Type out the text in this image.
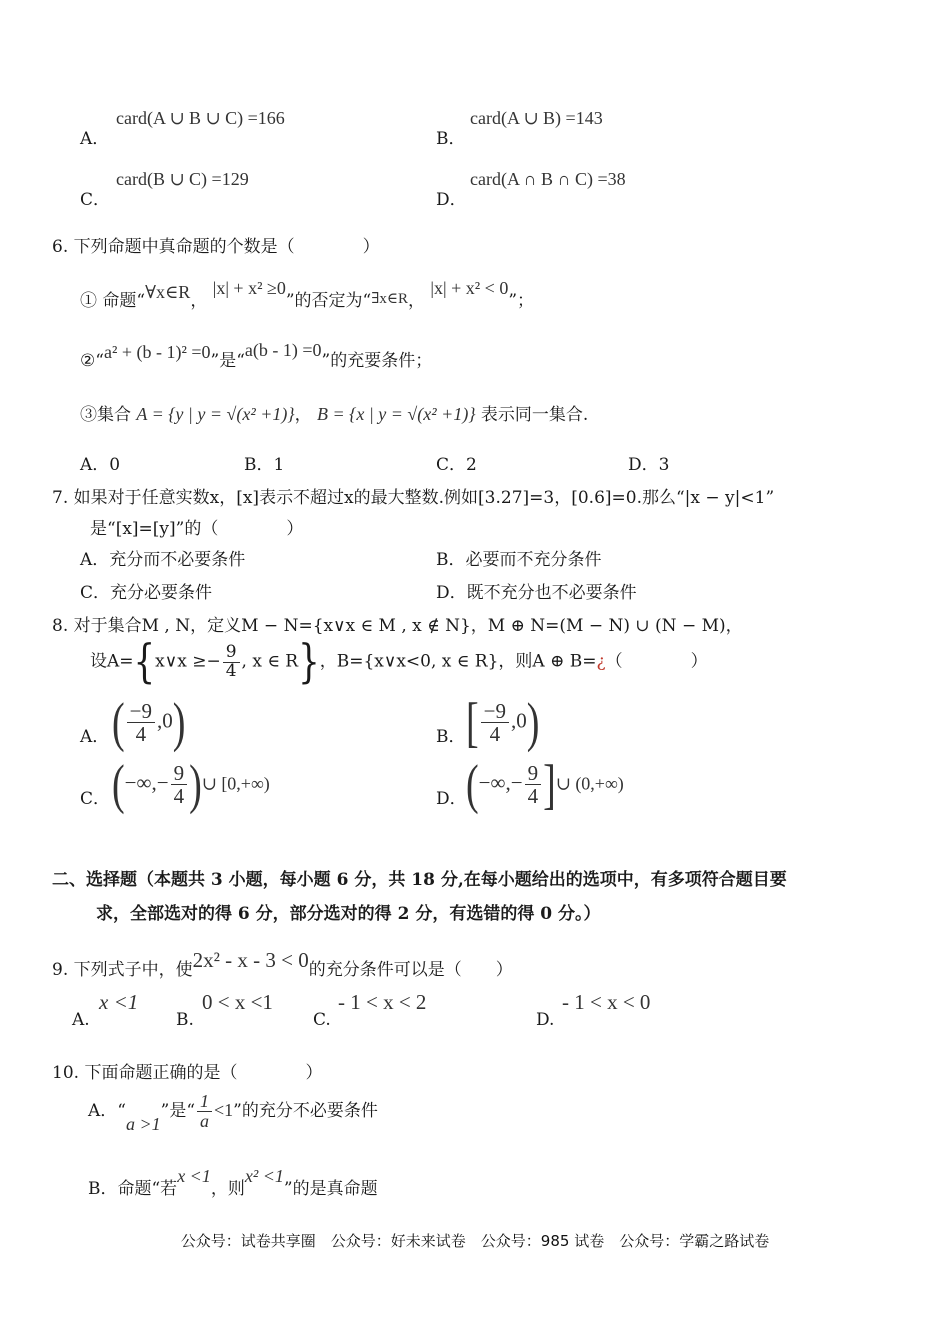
A．
card(A ∪ B ∪ C) =166
B．
card(A ∪ B) =143
C．
card(B ∪ C) =129
D．
card(A ∩ B ∩ C) =38
6. 下列命题中真命题的个数是（　　　　）
① 命题“∀x∈R， |x| + x² ≥0”的否定为“∃x∈R， |x| + x² < 0”；
②“a² + (b - 1)² =0”是“a(b - 1) =0”的充要条件；
③集合 A = {y | y = √(x² +1)}， B = {x | y = √(x² +1)} 表示同一集合.
A．0	B．1	C．2	D．3
7. 如果对于任意实数x，[x]表示不超过x的最大整数.例如[3.27]=3，[0.6]=0.那么“|x − y|<1”
是“[x]=[y]”的（　　　　）
A．充分而不必要条件	B．必要而不充分条件
C．充分必要条件	D．既不充分也不必要条件
8. 对于集合M , N，定义M − N={x∨x ∈ M , x ∉ N}，M ⊕ N=(M − N) ∪ (N − M)，
设A={x∨x ≥− $\frac{9}{4}$ , x ∈ R}，B={x∨x<0, x ∈ R}，则A ⊕ B=¿（　　　　）
A． ( $\frac{-9}{4} ,0$)	B． [ $\frac{-9}{4} ,0$)
C． (−∞,− $\frac{9}{4}$ )∪ [0,+∞)
D． (−∞,− $\frac{9}{4}$ ]∪ (0,+∞)
二、选择题（本题共 3 小题，每小题 6 分，共 18 分,在每小题给出的选项中，有多项符合题目要
求，全部选对的得 6 分，部分选对的得 2 分，有选错的得 0 分。）
9. 下列式子中，使2x² - x - 3 < 0的充分条件可以是（　　）
A.
x <1
B.
0 < x <1
C.
- 1 < x < 2
D.
- 1 < x < 0
10. 下面命题正确的是（　　　　）
A．“a >1”是“ $\frac{1}{a} <1$”的充分不必要条件
B．命题“若x <1，则x² <1”的是真命题
公众号：试卷共享圈　公众号：好未来试卷　公众号：985 试卷　公众号：学霸之路试卷
